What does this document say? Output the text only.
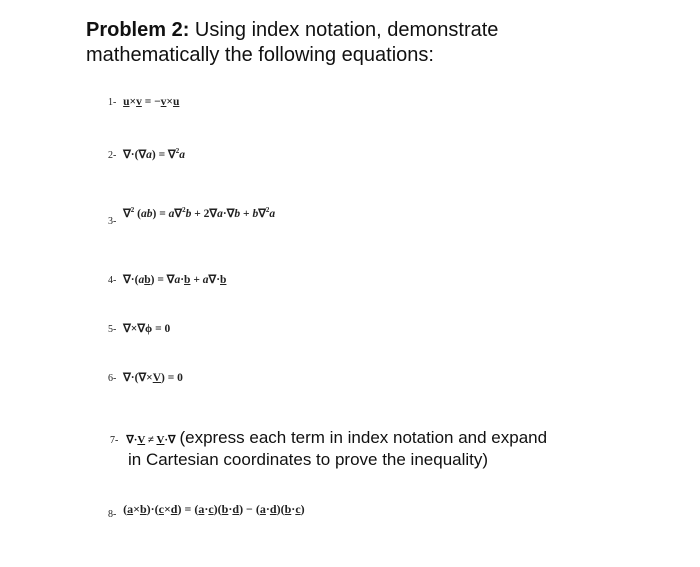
Problem 2: Using index notation, demonstrate
mathematically the following equations:
1- u×v = −v×u
2- ∇·(∇a) = ∇$^2$a
3- ∇$^2$ (ab) = a∇$^2$b + 2∇a·∇b + b∇$^2$a
4- ∇·(ab) = ∇a·b + a∇·b
5- ∇×∇ϕ = 0
6- ∇·(∇×V) = 0
7- ∇·V ≠ V·∇ (express each term in index notation and expand
in Cartesian coordinates to prove the inequality)
8- (a×b)·(c×d) = (a·c)(b·d) − (a·d)(b·c)
